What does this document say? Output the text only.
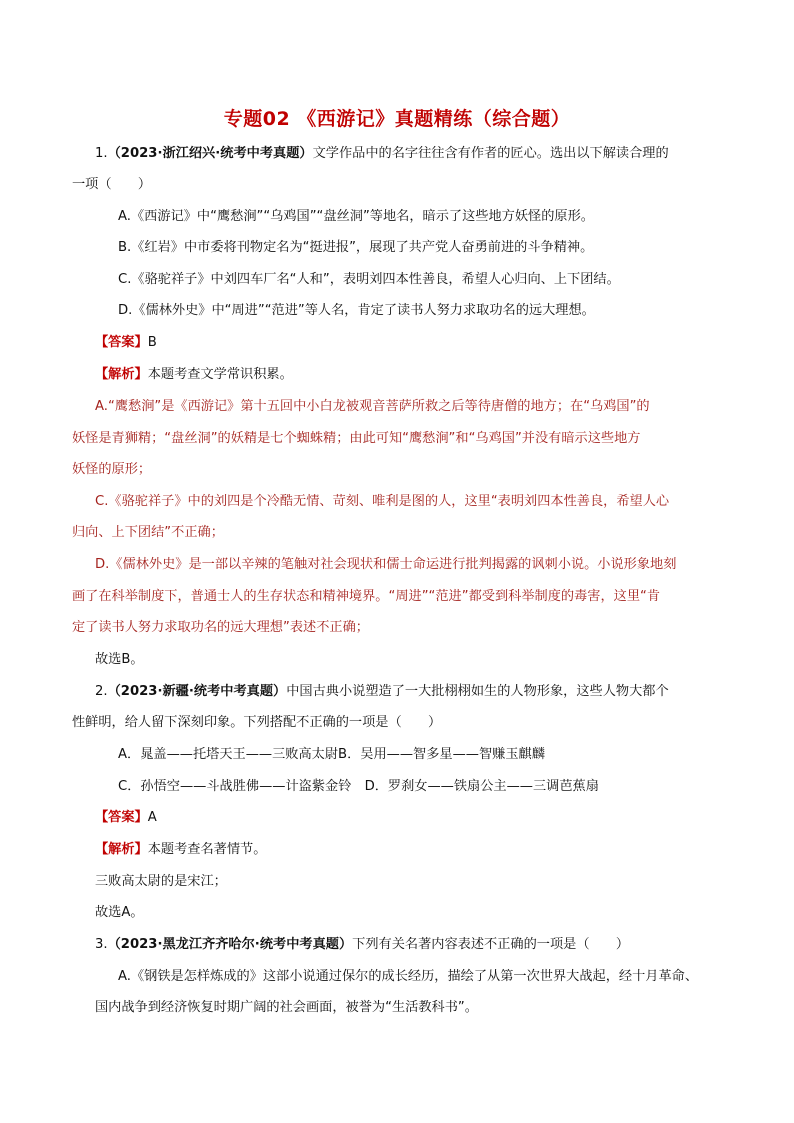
专题02 《西游记》真题精练（综合题）
1.（2023·浙江绍兴·统考中考真题）文学作品中的名字往往含有作者的匠心。选出以下解读合理的
一项（　　）
A.《西游记》中“鹰愁涧”“乌鸡国”“盘丝洞”等地名，暗示了这些地方妖怪的原形。
B.《红岩》中市委将刊物定名为“挺进报”，展现了共产党人奋勇前进的斗争精神。
C.《骆驼祥子》中刘四车厂名“人和”，表明刘四本性善良，希望人心归向、上下团结。
D.《儒林外史》中“周进”“范进”等人名，肯定了读书人努力求取功名的远大理想。
【答案】B
【解析】本题考查文学常识积累。
A.“鹰愁涧”是《西游记》第十五回中小白龙被观音菩萨所救之后等待唐僧的地方；在“乌鸡国”的
妖怪是青狮精；“盘丝洞”的妖精是七个蜘蛛精；由此可知“鹰愁涧”和“乌鸡国”并没有暗示这些地方
妖怪的原形；
C.《骆驼祥子》中的刘四是个冷酷无情、苛刻、唯利是图的人，这里“表明刘四本性善良，希望人心
归向、上下团结”不正确；
D.《儒林外史》是一部以辛辣的笔触对社会现状和儒士命运进行批判揭露的讽刺小说。小说形象地刻
画了在科举制度下，普通士人的生存状态和精神境界。“周进”“范进”都受到科举制度的毒害，这里“肯
定了读书人努力求取功名的远大理想”表述不正确；
故选B。
2.（2023·新疆·统考中考真题）中国古典小说塑造了一大批栩栩如生的人物形象，这些人物大都个
性鲜明，给人留下深刻印象。下列搭配不正确的一项是（　　）
A．晁盖——托塔天王——三败高太尉B．吴用——智多星——智赚玉麒麟
C．孙悟空——斗战胜佛——计盗紫金铃　D．罗刹女——铁扇公主——三调芭蕉扇
【答案】A
【解析】本题考查名著情节。
三败高太尉的是宋江；
故选A。
3.（2023·黑龙江齐齐哈尔·统考中考真题）下列有关名著内容表述不正确的一项是（　　）
A.《钢铁是怎样炼成的》这部小说通过保尔的成长经历，描绘了从第一次世界大战起，经十月革命、
国内战争到经济恢复时期广阔的社会画面，被誉为“生活教科书”。
